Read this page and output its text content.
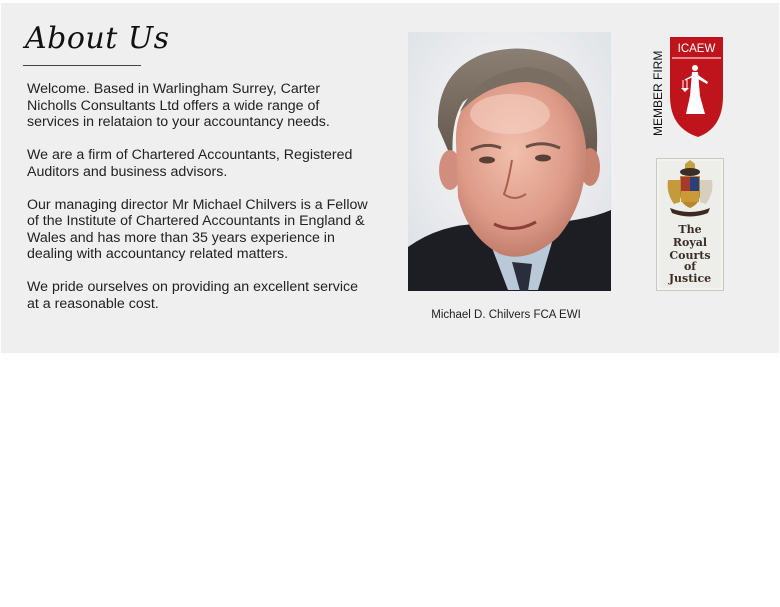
About Us

Welcome. Based in Warlingham Surrey, Carter Nicholls Consultants Ltd offers a wide range of services in relataion to your accountancy needs.

We are a firm of Chartered Accountants, Registered Auditors and business advisors.

Our managing director Mr Michael Chilvers is a Fellow of the Institute of Chartered Accountants in England & Wales and has more than 35 years experience in dealing with accountancy related matters.

We pride ourselves on providing an excellent service at a reasonable cost.

Michael D. Chilvers FCA EWI
MEMBER FIRM
ICAEW
The
Royal
Courts
of
Justice
